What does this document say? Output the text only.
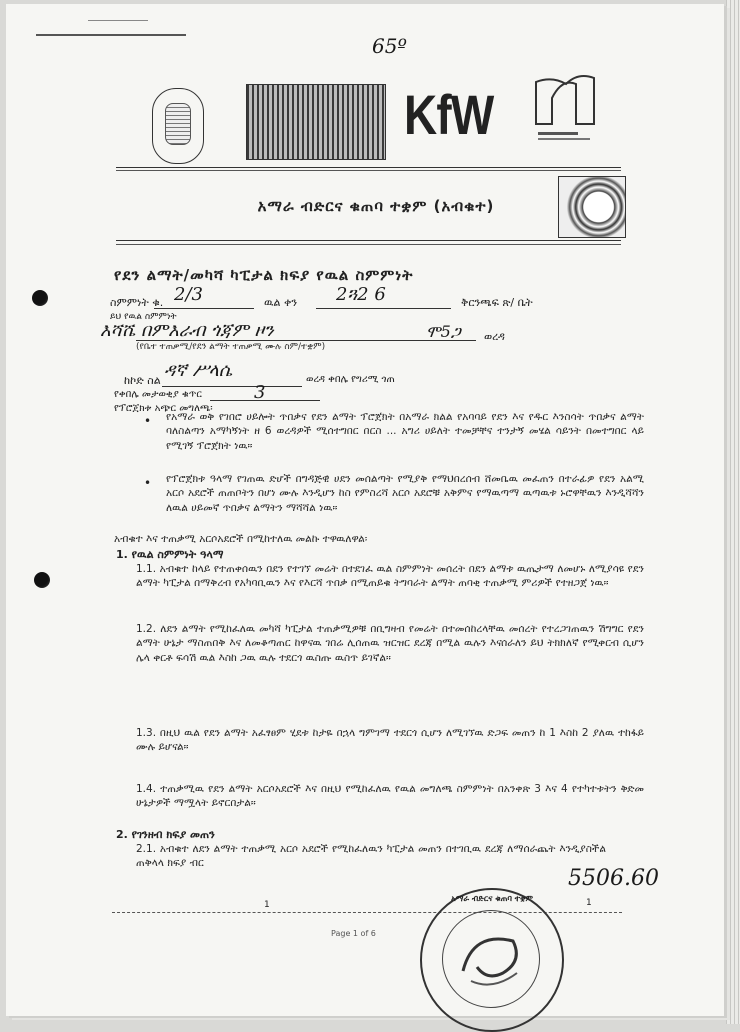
65º
KfW
አማራ ብድርና ቁጠባ ተቋም (አብቁተ)
የደን ልማት/መካሻ ካፒታል ክፍያ የዉል ስምምነት
ስምምነት ቁ. 2/3	ዉል ቀን 2ጓ2 6	ቅርንጫፍ ጽ/ ቤት
ይህ የዉል ስምምነት
እሻሼ በምእራብ ጎጃም ዞን	ሞ5ጋ ወረዳ
(የቤተ ተጠቃሚ/የደን ልማት ተጠቃሚ ሙሉ ስም/ተቋም)
ከኮድ ስል ዳኛ ሥላሴ	ወረዳ ቀበሌ የግሪሚ ጎጠ
የቀበሌ መታወቂያ ቁጥር	3
የፕሮጀክቱ አጭር መግለጫ፡
• የአማራ ወቅ የገበሮ ሀይሎት ጥበቃና የደን ልማት ፕሮጀክት በአማራ ክልል የአባባይ የደን እና የዱር እንስሳት ጥበቃና ልማት ባለስልጣን አማካኝነት ዘ 6 ወረዳዎች ሚሰተግበር በርስ ... አግሪ ሀይለት ተመቻቸና ተንታኝ መሄል ሳይንት በመተግበር ላይ የሚገኝ ፕሮጀክት ነዉ።
• የፕሮጀክቱ ዓላማ የገጠዉ ድሆች በግዳጅዊ ሀደን መሰልጣት የሚያቅ የማህበረሰብ ሸመቤዉ መፈጠን በተራፊዎ የደን አልሚ አርሶ አደሮች ጠጠቦትን በሆነ ሙሉ እንዲሆን ከስ የምስረሻ አርሶ አደሮቹ አቅምና የማዉጣማ ዉጣዉቱ ኑሮዋቸዉን እንዲሻሻን ለዉል ሀይመኛ ጥበቃና ልማትን ማሻሻል ነዉ።
አብቁተ እና ተጠቃሚ አርሶአደሮች በሚከተለዉ መልኩ ተዋዉለዋል፡
1. የዉል ስምምነት ዓላማ
1.1. አብቁተ ከላይ የተጠቀሰዉን በደን የተገኘ መሬት በተደገፈ ዉል ስምምነት መሰረት በደን ልማቱ ዉጤታማ ለመሆኑ ለሚያሳዩ የደን ልማት ካፒታል በማቅረብ የአካባቢዉን እና የእርሻ ጥበቃ በሚጠይቁ ትግባራት ልማት ጠባቂ ተጠቃሚ ምሪዎች የተዘጋጀ ነዉ።
1.2. ለደን ልማት የሚከፈለዉ መካሻ ካፒታል ተጠቃሚዎቹ በቢግዛብ የመሬት በተመሰከረላቸዉ መሰረት የተረጋገጠዉን ሽግግር የደን ልማት ሁኔታ ማስጠበቅ እና ለመቆጣጠር ከዋናዉ ገበሬ ሊሰጠዉ ዝርዝር ደረጃ በሚል ዉሉን እናሰራለን ይህ ትክክለኛ የሚቀርብ ሲሆን ሌላ ቀርቶ ፍሳሽ ዉል እስከ ጋዉ ዉሉ ተደርጎ ዉስጡ ዉስጥ ይገኛል።
1.3. በዚህ ዉል የደን ልማት አፈፃፀም ሂደቱ ከታዬ በኋላ ግምገማ ተደርጎ ሲሆን ለሚገኘዉ ድጋፍ መጠን ከ 1 እስከ 2 ያለዉ ተከፋይ ሙሉ ይሆናል።
1.4. ተጠቃሚዉ የደን ልማት አርሶአደሮች እና በዚህ የሚከፈለዉ የዉል መግለጫ ስምምነት በአንቀጽ 3 እና 4 የተካተቱትን ቅድመ ሁኔታዎች ማሟላት ይኖርበታል።
2. የገንዘብ ክፍያ መጠን
2.1. አብቁተ ለደን ልማት ተጠቃሚ አርሶ አደሮች የሚከፈለዉን ካፒታል መጠን በተገቢዉ ደረጃ ለማሰራጨት እንዲያስችል ጠቅላላ ክፍያ ብር
5506.60
1	1
Page 1 of 6
አማራ ብድርና ቁጠባ ተቋም
